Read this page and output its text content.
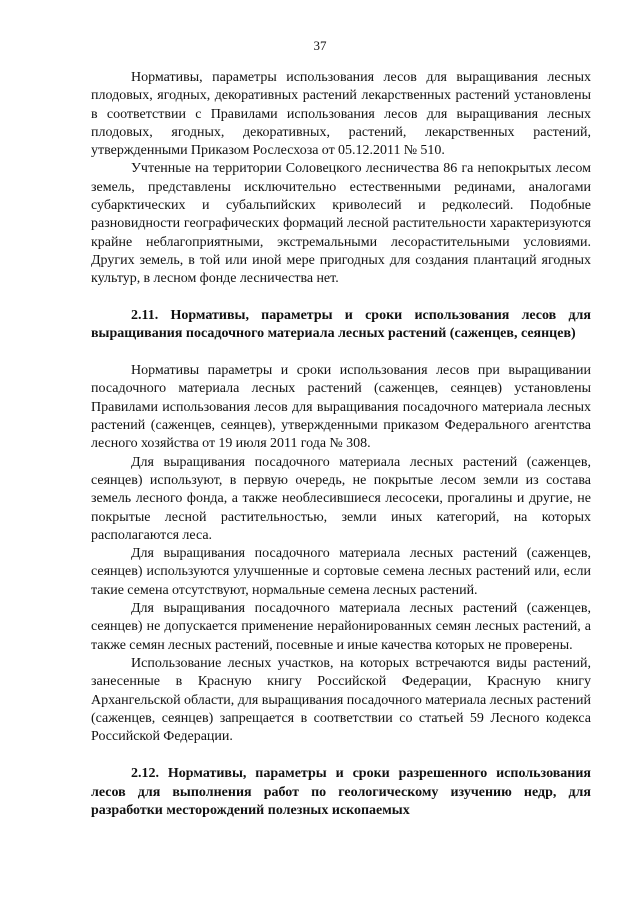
37

Нормативы, параметры использования лесов для выращивания лесных плодовых, ягодных, декоративных растений лекарственных растений установлены в соответствии с Правилами использования лесов для выращивания лесных плодовых, ягодных, декоративных, растений, лекарственных растений, утвержденными Приказом Рослесхоза от 05.12.2011 № 510.

Учтенные на территории Соловецкого лесничества 86 га непокрытых лесом земель, представлены исключительно естественными рединами, аналогами субарктических и субальпийских криволесий и редколесий. Подобные разновидности географических формаций лесной растительности характеризуются крайне неблагоприятными, экстремальными лесорастительными условиями. Других земель, в той или иной мере пригодных для создания плантаций ягодных культур, в лесном фонде лесничества нет.

2.11. Нормативы, параметры и сроки использования лесов для выращивания посадочного материала лесных растений (саженцев, сеянцев)

Нормативы параметры и сроки использования лесов при выращивании посадочного материала лесных растений (саженцев, сеянцев) установлены Правилами использования лесов для выращивания посадочного материала лесных растений (саженцев, сеянцев), утвержденными приказом Федерального агентства лесного хозяйства от 19 июля 2011 года № 308.

Для выращивания посадочного материала лесных растений (саженцев, сеянцев) используют, в первую очередь, не покрытые лесом земли из состава земель лесного фонда, а также необлесившиеся лесосеки, прогалины и другие, не покрытые лесной растительностью, земли иных категорий, на которых располагаются леса.

Для выращивания посадочного материала лесных растений (саженцев, сеянцев) используются улучшенные и сортовые семена лесных растений или, если такие семена отсутствуют, нормальные семена лесных растений.

Для выращивания посадочного материала лесных растений (саженцев, сеянцев) не допускается применение нерайонированных семян лесных растений, а также семян лесных растений, посевные и иные качества которых не проверены.

Использование лесных участков, на которых встречаются виды растений, занесенные в Красную книгу Российской Федерации, Красную книгу Архангельской области, для выращивания посадочного материала лесных растений (саженцев, сеянцев) запрещается в соответствии со статьей 59 Лесного кодекса Российской Федерации.

2.12. Нормативы, параметры и сроки разрешенного использования лесов для выполнения работ по геологическому изучению недр, для разработки месторождений полезных ископаемых
